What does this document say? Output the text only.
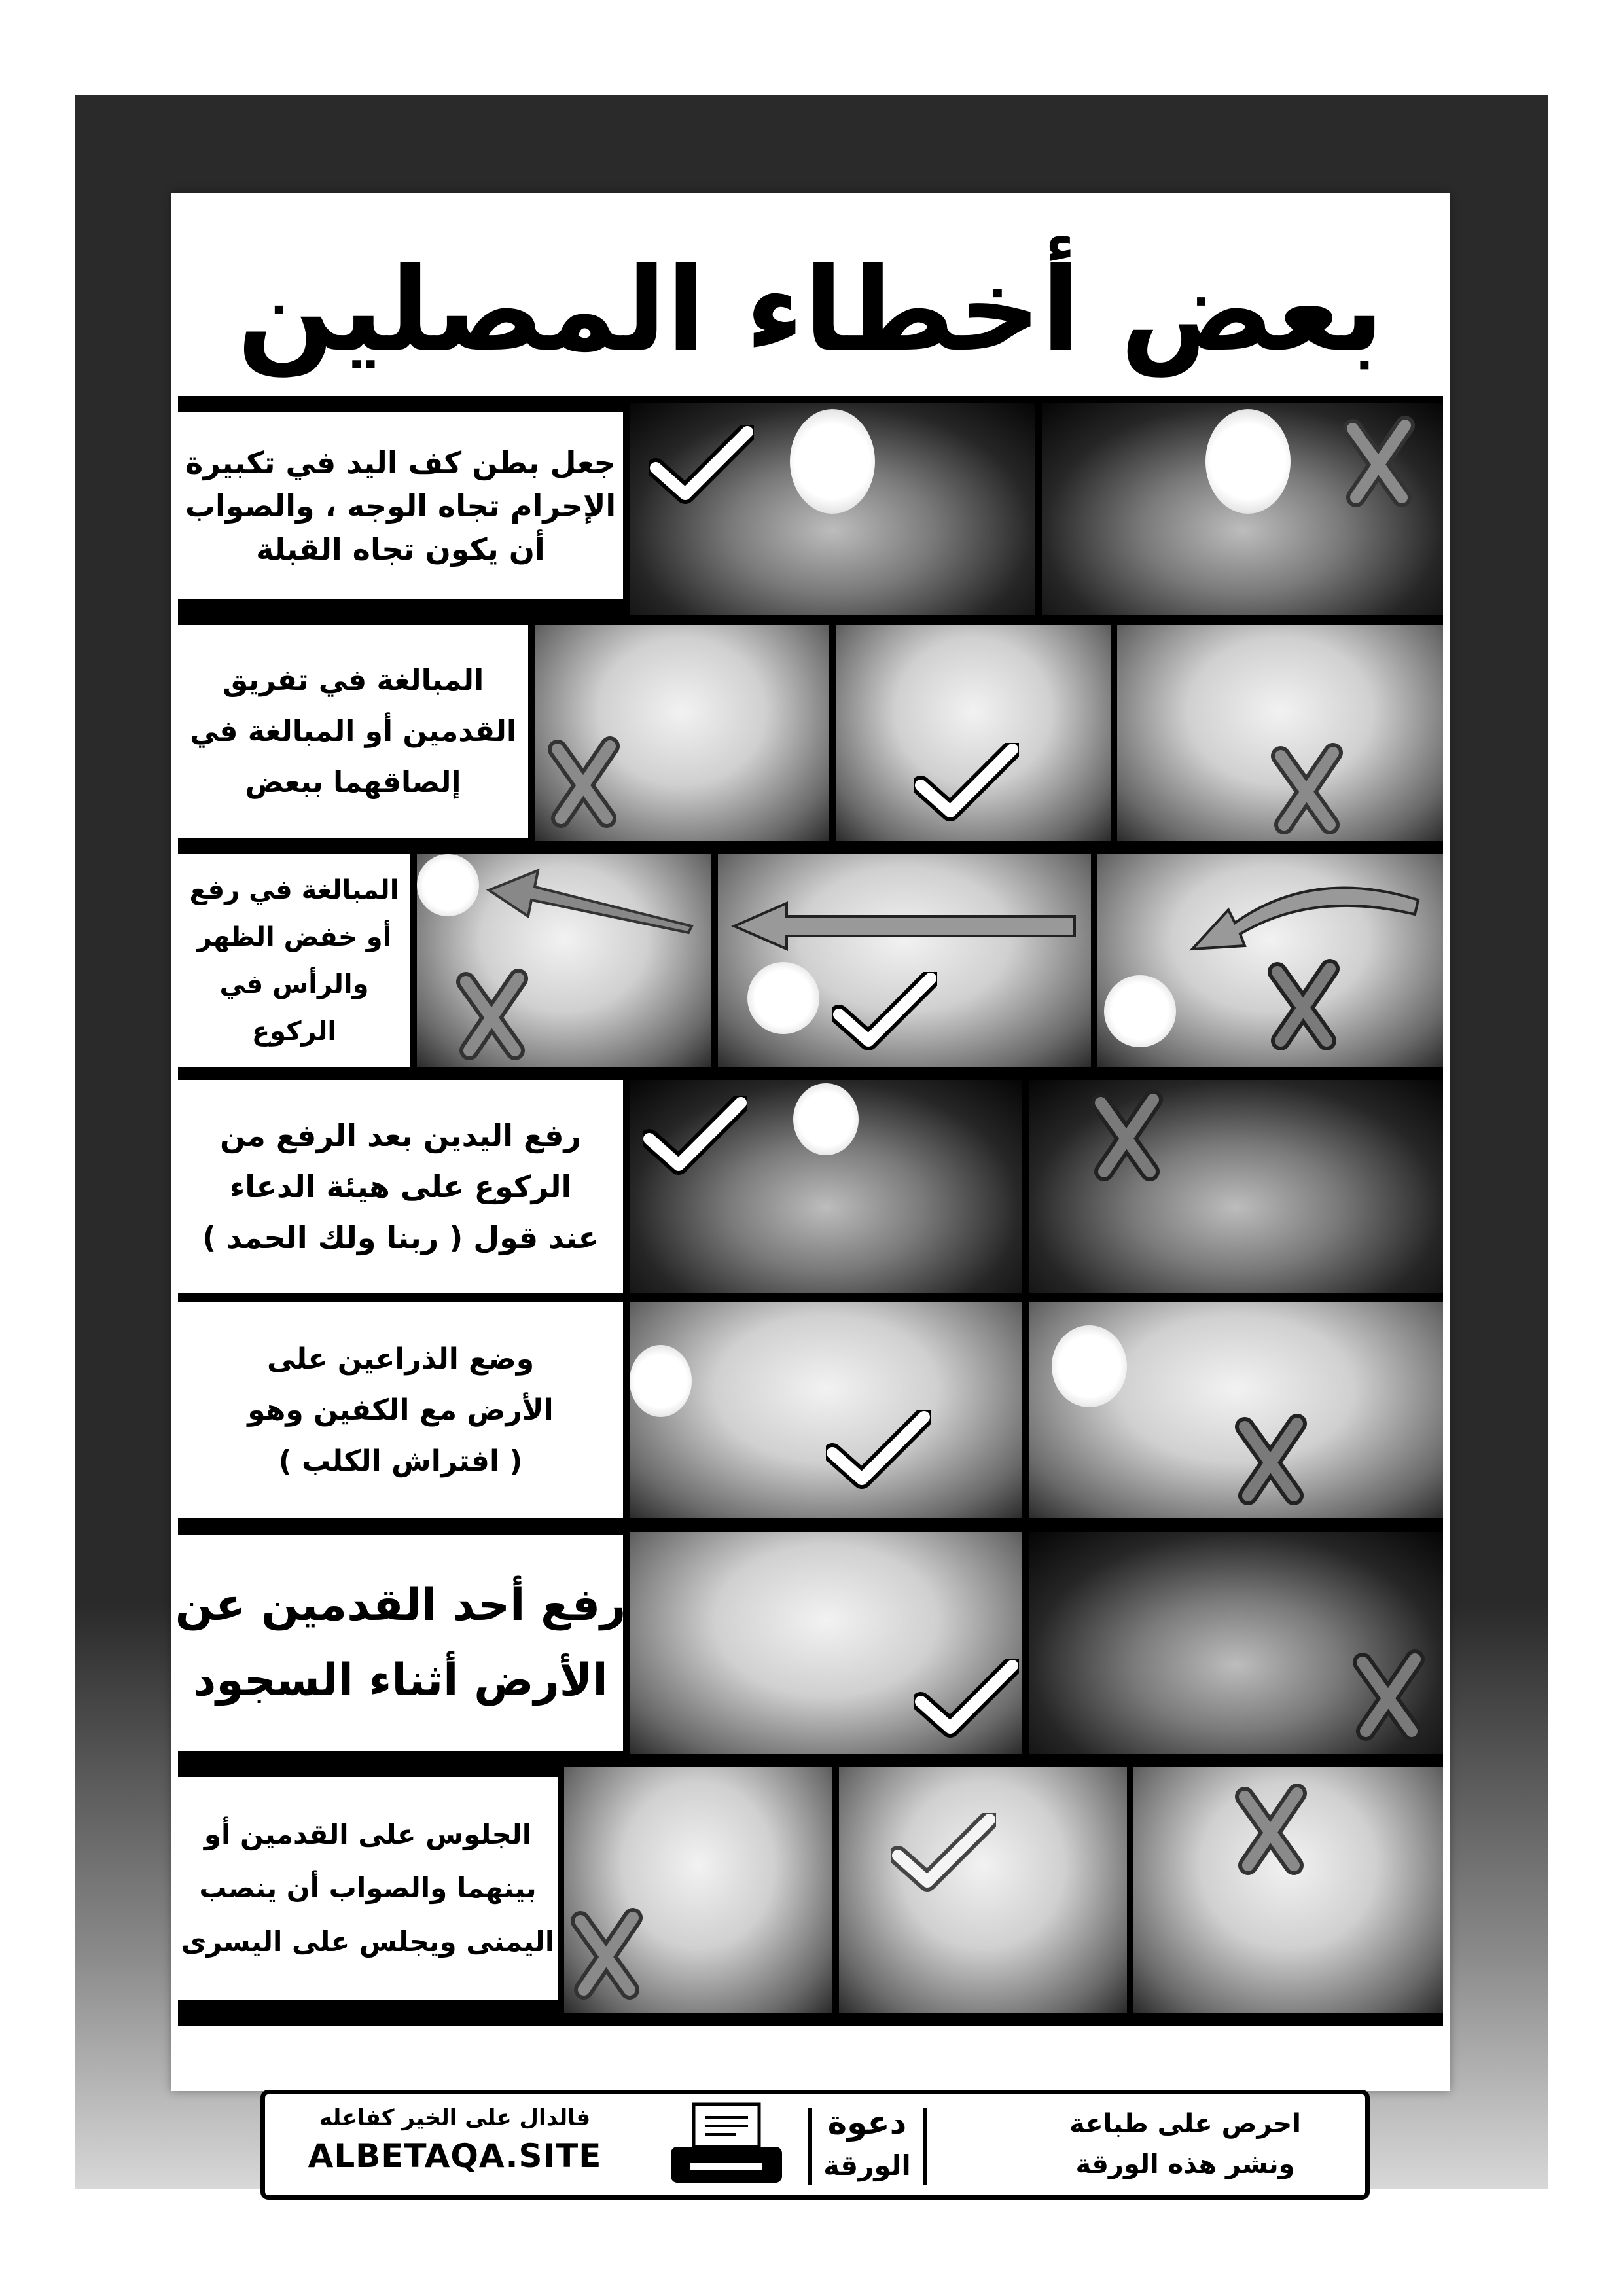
بعض أخطاء المصلين
جعل بطن كف اليد في تكبيرة
الإحرام تجاه الوجه ، والصواب
أن يكون تجاه القبلة
المبالغة في تفريق
القدمين أو المبالغة في
إلصاقهما ببعض
المبالغة في رفع
أو خفض الظهر
والرأس في
الركوع
رفع اليدين بعد الرفع من
الركوع على هيئة الدعاء
عند قول ( ربنا ولك الحمد )
وضع الذراعين على
الأرض مع الكفين وهو
( افتراش الكلب )
رفع أحد القدمين عن
الأرض أثناء السجود
الجلوس على القدمين أو
بينهما والصواب أن ينصب
اليمنى ويجلس على اليسرى
فالدال على الخير كفاعله
ALBETAQA.SITE
دعوة
الورقة
احرص على طباعة
ونشر هذه الورقة
